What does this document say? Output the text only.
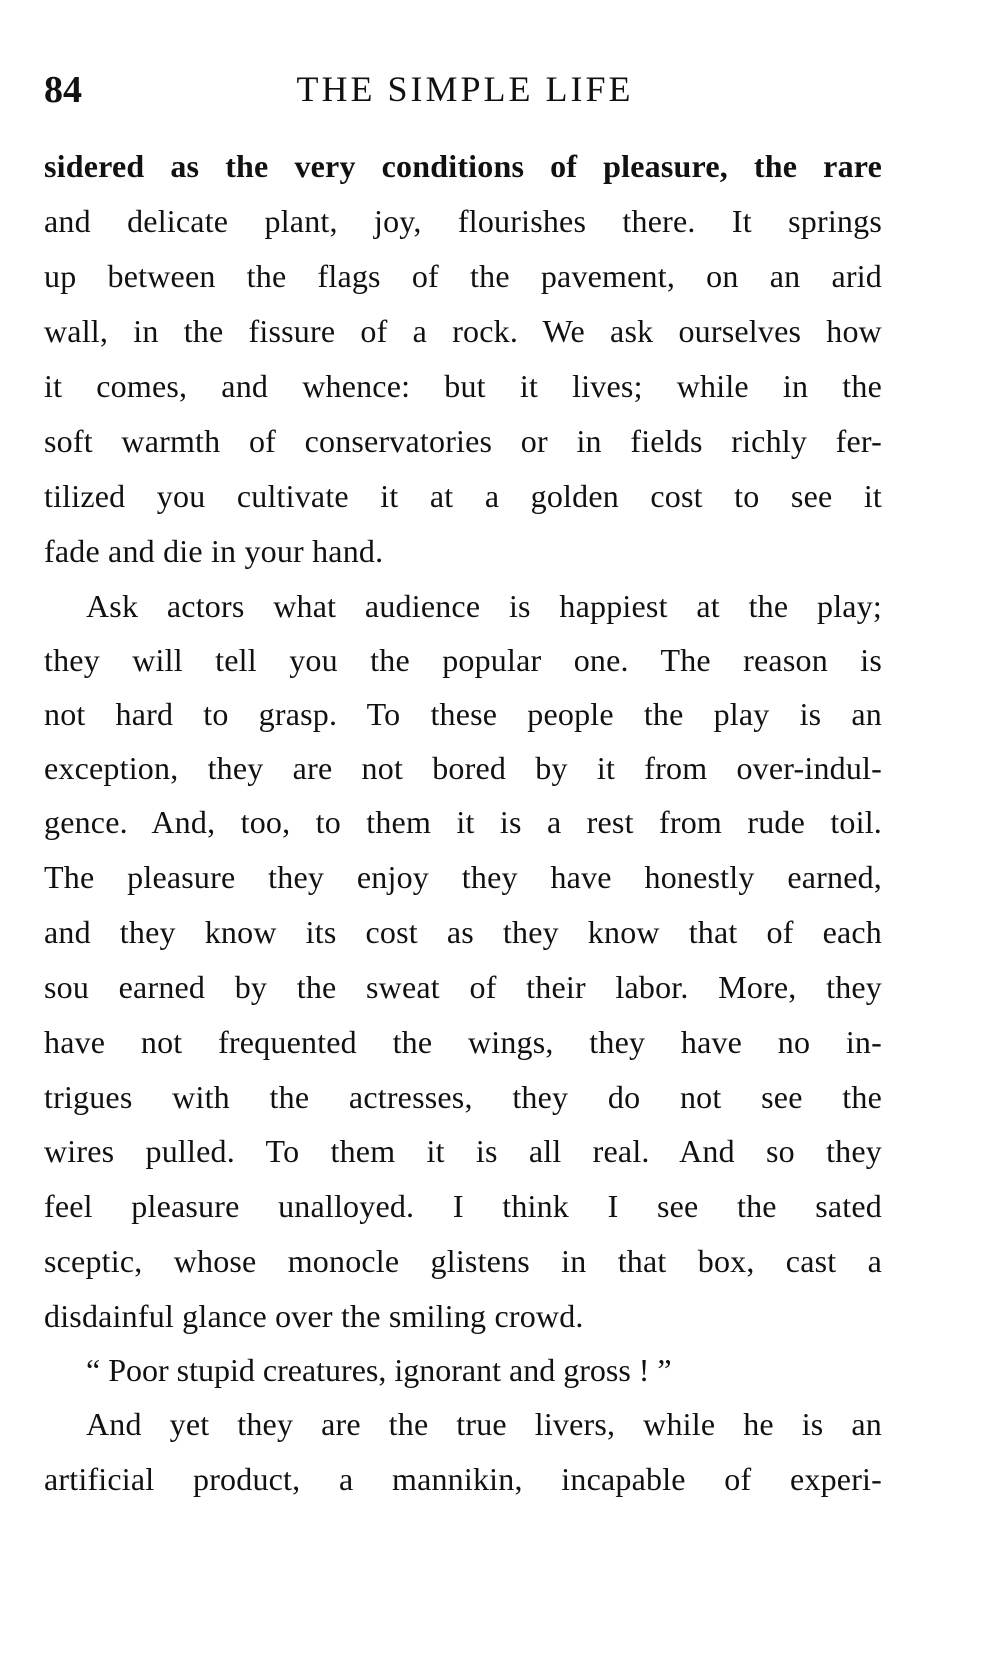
84	THE SIMPLE LIFE
sidered as the very conditions of pleasure, the rare
and delicate plant, joy, flourishes there. It springs
up between the flags of the pavement, on an arid
wall, in the fissure of a rock. We ask ourselves how
it comes, and whence: but it lives; while in the
soft warmth of conservatories or in fields richly fer-
tilized you cultivate it at a golden cost to see it
fade and die in your hand.
Ask actors what audience is happiest at the play;
they will tell you the popular one. The reason is
not hard to grasp. To these people the play is an
exception, they are not bored by it from over-indul-
gence. And, too, to them it is a rest from rude toil.
The pleasure they enjoy they have honestly earned,
and they know its cost as they know that of each
sou earned by the sweat of their labor. More, they
have not frequented the wings, they have no in-
trigues with the actresses, they do not see the
wires pulled. To them it is all real. And so they
feel pleasure unalloyed. I think I see the sated
sceptic, whose monocle glistens in that box, cast a
disdainful glance over the smiling crowd.
“ Poor stupid creatures, ignorant and gross ! ”
And yet they are the true livers, while he is an
artificial product, a mannikin, incapable of experi-
